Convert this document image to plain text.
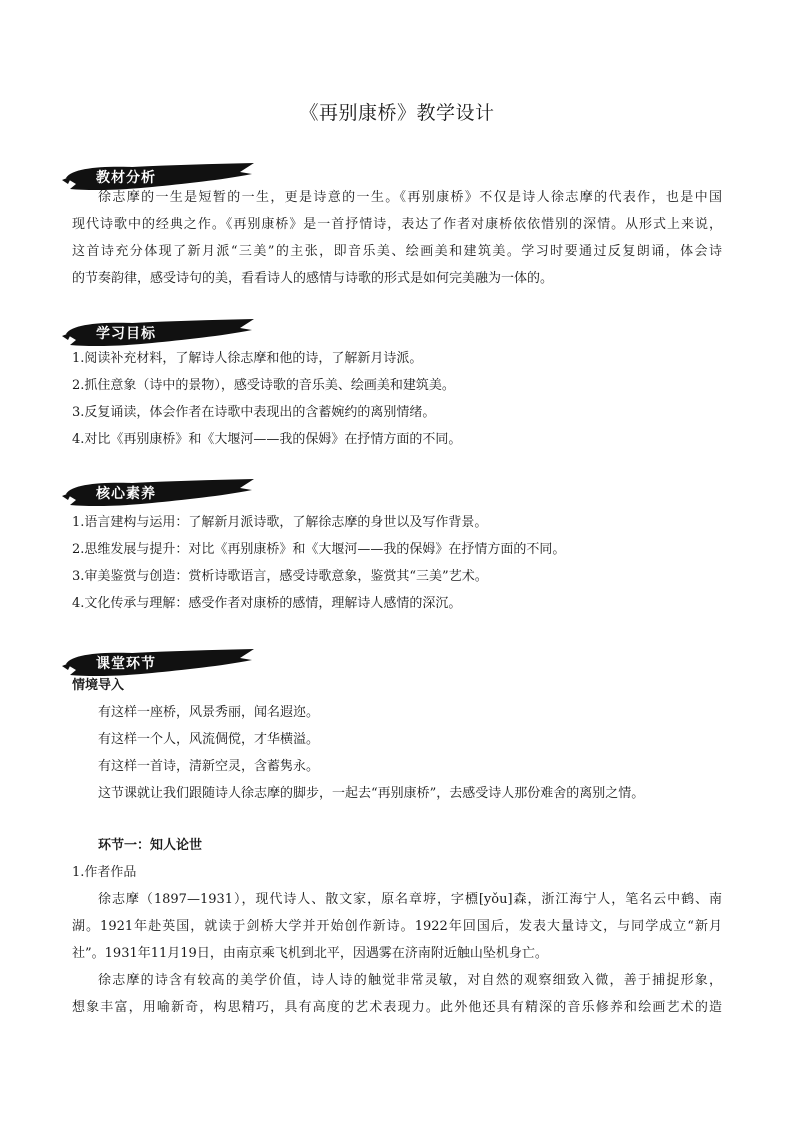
《再别康桥》教学设计
教材分析
徐志摩的一生是短暂的一生，更是诗意的一生。《再别康桥》不仅是诗人徐志摩的代表作，也是中国
现代诗歌中的经典之作。《再别康桥》是一首抒情诗，表达了作者对康桥依依惜别的深情。从形式上来说，
这首诗充分体现了新月派“三美”的主张，即音乐美、绘画美和建筑美。学习时要通过反复朗诵，体会诗
的节奏韵律，感受诗句的美，看看诗人的感情与诗歌的形式是如何完美融为一体的。
学习目标
1.阅读补充材料，了解诗人徐志摩和他的诗，了解新月诗派。
2.抓住意象（诗中的景物），感受诗歌的音乐美、绘画美和建筑美。
3.反复诵读，体会作者在诗歌中表现出的含蓄婉约的离别情绪。
4.对比《再别康桥》和《大堰河——我的保姆》在抒情方面的不同。
核心素养
1.语言建构与运用：了解新月派诗歌，了解徐志摩的身世以及写作背景。
2.思维发展与提升：对比《再别康桥》和《大堰河——我的保姆》在抒情方面的不同。
3.审美鉴赏与创造：赏析诗歌语言，感受诗歌意象，鉴赏其“三美”艺术。
4.文化传承与理解：感受作者对康桥的感情，理解诗人感情的深沉。
课堂环节
情境导入
有这样一座桥，风景秀丽，闻名遐迩。
有这样一个人，风流倜傥，才华横溢。
有这样一首诗，清新空灵，含蓄隽永。
这节课就让我们跟随诗人徐志摩的脚步，一起去“再别康桥”，去感受诗人那份难舍的离别之情。
环节一：知人论世
1.作者作品
徐志摩（1897—1931），现代诗人、散文家，原名章垿，字槱[yǒu]森，浙江海宁人，笔名云中鹤、南
湖。1921年赴英国，就读于剑桥大学并开始创作新诗。1922年回国后，发表大量诗文，与同学成立“新月
社”。1931年11月19日，由南京乘飞机到北平，因遇雾在济南附近触山坠机身亡。
徐志摩的诗含有较高的美学价值，诗人诗的触觉非常灵敏，对自然的观察细致入微，善于捕捉形象，
想象丰富，用喻新奇，构思精巧，具有高度的艺术表现力。此外他还具有精深的音乐修养和绘画艺术的造
